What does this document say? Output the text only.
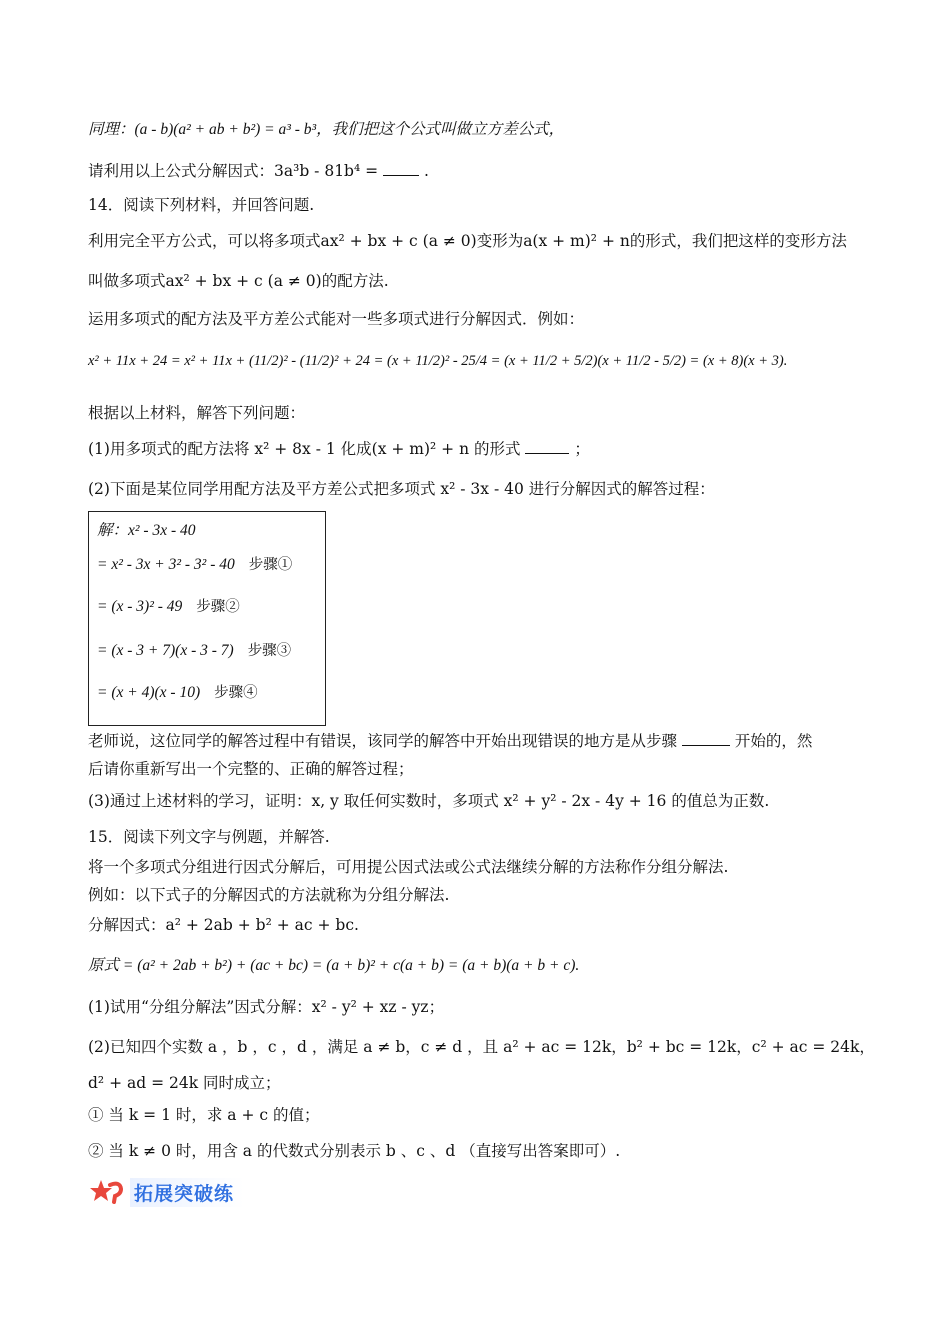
同理：(a - b)(a² + ab + b²) = a³ - b³，我们把这个公式叫做立方差公式，
请利用以上公式分解因式：3a³b - 81b⁴ =	.
14．阅读下列材料，并回答问题.
利用完全平方公式，可以将多项式ax² + bx + c (a ≠ 0)变形为a(x + m)² + n的形式，我们把这样的变形方法
叫做多项式ax² + bx + c (a ≠ 0)的配方法.
运用多项式的配方法及平方差公式能对一些多项式进行分解因式．例如：
x² + 11x + 24 = x² + 11x + (11/2)² - (11/2)² + 24 = (x + 11/2)² - 25/4 = (x + 11/2 + 5/2)(x + 11/2 - 5/2) = (x + 8)(x + 3).
根据以上材料，解答下列问题：
(1)用多项式的配方法将 x² + 8x - 1 化成(x + m)² + n 的形式	；
(2)下面是某位同学用配方法及平方差公式把多项式 x² - 3x - 40 进行分解因式的解答过程：
解：x² - 3x - 40
= x² - 3x + 3² - 3² - 40 步骤①
= (x - 3)² - 49 步骤②
= (x - 3 + 7)(x - 3 - 7) 步骤③
= (x + 4)(x - 10) 步骤④
老师说，这位同学的解答过程中有错误，该同学的解答中开始出现错误的地方是从步骤	开始的，然
后请你重新写出一个完整的、正确的解答过程；
(3)通过上述材料的学习，证明：x, y 取任何实数时，多项式 x² + y² - 2x - 4y + 16 的值总为正数.
15．阅读下列文字与例题，并解答.
将一个多项式分组进行因式分解后，可用提公因式法或公式法继续分解的方法称作分组分解法.
例如：以下式子的分解因式的方法就称为分组分解法.
分解因式：a² + 2ab + b² + ac + bc.
原式 = (a² + 2ab + b²) + (ac + bc) = (a + b)² + c(a + b) = (a + b)(a + b + c).
(1)试用“分组分解法”因式分解：x² - y² + xz - yz；
(2)已知四个实数 a ，b ，c ，d ，满足 a ≠ b，c ≠ d ，且 a² + ac = 12k，b² + bc = 12k，c² + ac = 24k，
d² + ad = 24k 同时成立；
① 当 k = 1 时，求 a + c 的值；
② 当 k ≠ 0 时，用含 a 的代数式分别表示 b 、c 、d （直接写出答案即可）.
拓展突破练
